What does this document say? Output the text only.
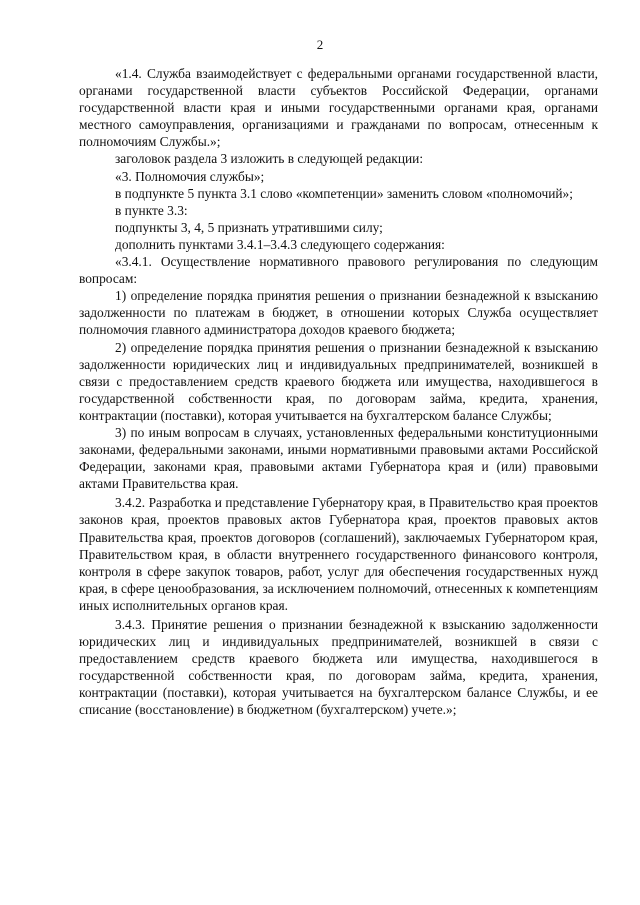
2

«1.4. Служба взаимодействует с федеральными органами государственной власти, органами государственной власти субъектов Российской Федерации, органами государственной власти края и иными государственными органами края, органами местного самоуправления, организациями и гражданами по вопросам, отнесенным к полномочиям Службы.»;

заголовок раздела 3 изложить в следующей редакции:

«3. Полномочия службы»;

в подпункте 5 пункта 3.1 слово «компетенции» заменить словом «полномочий»;

в пункте 3.3:

подпункты 3, 4, 5 признать утратившими силу;

дополнить пунктами 3.4.1–3.4.3 следующего содержания:

«3.4.1. Осуществление нормативного правового регулирования по следующим вопросам:

1) определение порядка принятия решения о признании безнадежной к взысканию задолженности по платежам в бюджет, в отношении которых Служба осуществляет полномочия главного администратора доходов краевого бюджета;

2) определение порядка принятия решения о признании безнадежной к взысканию задолженности юридических лиц и индивидуальных предпринимателей, возникшей в связи с предоставлением средств краевого бюджета или имущества, находившегося в государственной собственности края, по договорам займа, кредита, хранения, контрактации (поставки), которая учитывается на бухгалтерском балансе Службы;

3) по иным вопросам в случаях, установленных федеральными конституционными законами, федеральными законами, иными нормативными правовыми актами Российской Федерации, законами края, правовыми актами Губернатора края и (или) правовыми актами Правительства края.

3.4.2. Разработка и представление Губернатору края, в Правительство края проектов законов края, проектов правовых актов Губернатора края, проектов правовых актов Правительства края, проектов договоров (соглашений), заключаемых Губернатором края, Правительством края, в области внутреннего государственного финансового контроля, контроля в сфере закупок товаров, работ, услуг для обеспечения государственных нужд края, в сфере ценообразования, за исключением полномочий, отнесенных к компетенциям иных исполнительных органов края.

3.4.3. Принятие решения о признании безнадежной к взысканию задолженности юридических лиц и индивидуальных предпринимателей, возникшей в связи с предоставлением средств краевого бюджета или имущества, находившегося в государственной собственности края, по договорам займа, кредита, хранения, контрактации (поставки), которая учитывается на бухгалтерском балансе Службы, и ее списание (восстановление) в бюджетном (бухгалтерском) учете.»;
